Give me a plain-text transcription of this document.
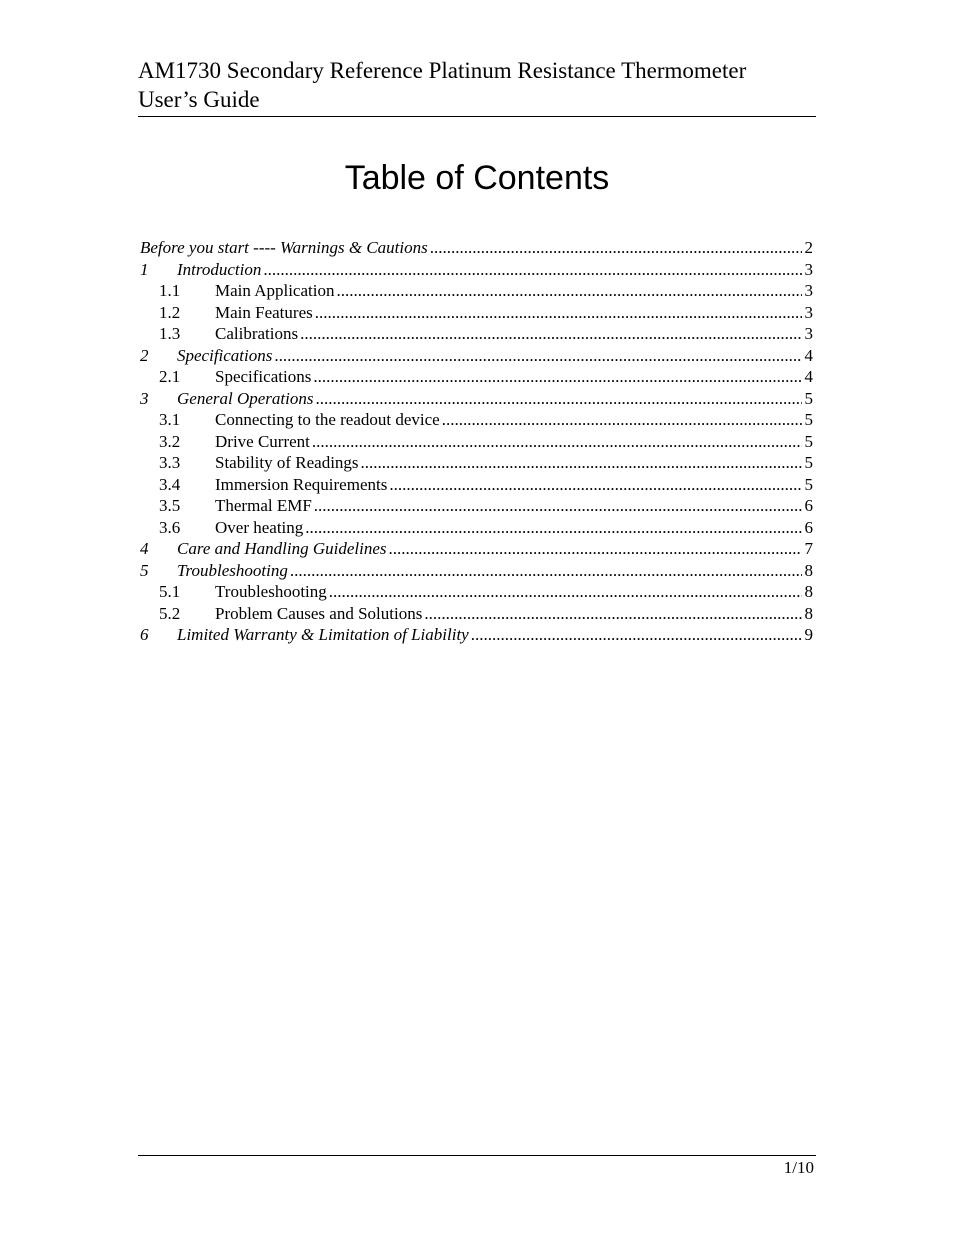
AM1730 Secondary Reference Platinum Resistance Thermometer
User’s Guide
Table of Contents
Before you start ---- Warnings & Cautions .....	2
1	Introduction .....	3
1.1	Main Application .....	3
1.2	Main Features .....	3
1.3	Calibrations .....	3
2	Specifications .....	4
2.1	Specifications .....	4
3	General Operations .....	5
3.1	Connecting to the readout device .....	5
3.2	Drive Current .....	5
3.3	Stability of Readings .....	5
3.4	Immersion Requirements .....	5
3.5	Thermal EMF .....	6
3.6	Over heating .....	6
4	Care and Handling Guidelines .....	7
5	Troubleshooting .....	8
5.1	Troubleshooting .....	8
5.2	Problem Causes and Solutions .....	8
6	Limited Warranty & Limitation of Liability .....	9
1/10
